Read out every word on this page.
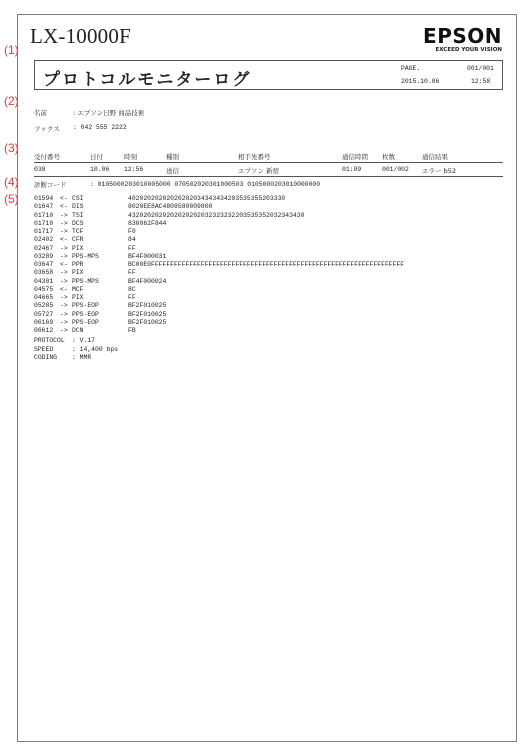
LX-10000F	EPSON
EXCEED YOUR VISION
(1)
(2)
(3)
(4)
(5)
プロトコルモニターログ
PAGE.	001/001
2015.10.06	12:58
名前	: エプソン日野 商品技術
ファクス : 042 555 2222
受付番号	日付	時刻	種別	相手先番号	通信時間 枚数	通信結果
038	10.06 12:56	送信	エプソン 新宿	01:09	001/002 エラー b52
診断コード	: 0105000203010005000 070502020301000503 0105000203010000000
01594 <- CSI	40202020202020202034343434203535355203330
01647 <- DIS	8020EE8AC4809580809800
01710 -> TSI	4320202020202020202032323232203535352032343430
01710 -> DCS	830062F844
01717 -> TCF	F0
02402 <- CFR	84
02467 -> PIX	FF
03289 -> PPS-MPS	BF4F000031
03647 <- PPR	BC00E0FFFFFFFFFFFFFFFFFFFFFFFFFFFFFFFFFFFFFFFFFFFFFFFFFFFFFFFFFFFFFFFFFF
03658 -> PIX	FF
04301 -> PPS-MPS	BF4F000024
04575 <- MCF	8C
04665 -> PIX	FF
05285 -> PPS-EOP	BF2F010025
05727 -> PPS-EOP	BF2F010025
06169 -> PPS-EOP	BF2F010025
06612 -> DCN	FB
PROTOCOL : V.17
SPEED	: 14,400 bps
CODING : MMR
